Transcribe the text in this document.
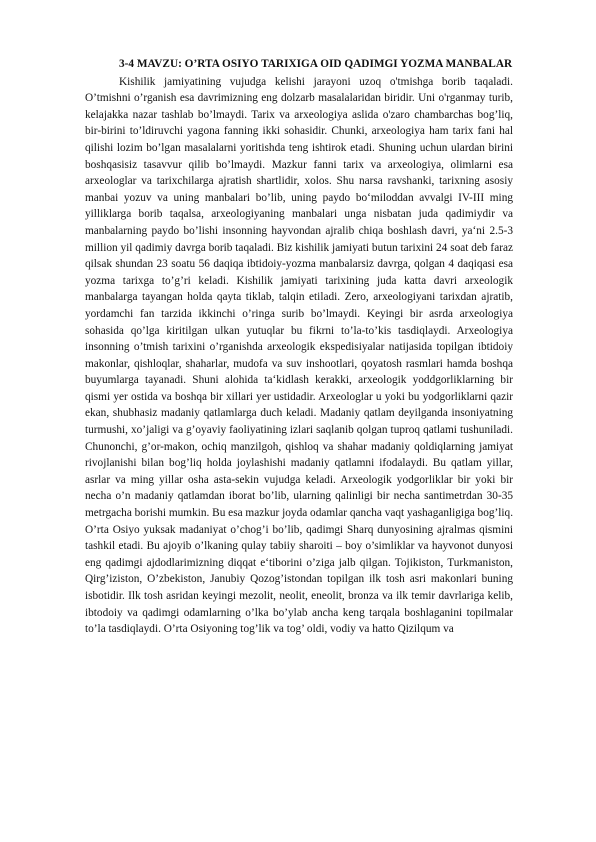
3-4 MAVZU: O’RTA OSIYO TARIXIGA OID QADIMGI YOZMA MANBALAR

Kishilik jamiyatining vujudga kelishi jarayoni uzoq o'tmishga borib taqaladi. O’tmishni o’rganish esa davrimizning eng dolzarb masalalaridan biridir. Uni o'rganmay turib, kelajakka nazar tashlab bo’lmaydi. Tarix va arxeologiya aslida o'zaro chambarchas bog’liq, bir-birini to’ldiruvchi yagona fanning ikki sohasidir. Chunki, arxeologiya ham tarix fani hal qilishi lozim bo’lgan masalalarni yoritishda teng ishtirok etadi. Shuning uchun ulardan birini boshqasisiz tasavvur qilib bo’lmaydi. Mazkur fanni tarix va arxeologiya, olimlarni esa arxeologlar va tarixchilarga ajratish shartlidir, xolos. Shu narsa ravshanki, tarixning asosiy manbai yozuv va uning manbalari bo’lib, uning paydo bo‘miloddan avvalgi IV-III ming yilliklarga borib taqalsa, arxeologiyaning manbalari unga nisbatan juda qadimiydir va manbalarning paydo bo’lishi insonning hayvondan ajralib chiqa boshlash davri, ya‘ni 2.5-3 million yil qadimiy davrga borib taqaladi. Biz kishilik jamiyati butun tarixini 24 soat deb faraz qilsak shundan 23 soatu 56 daqiqa ibtidoiy-yozma manbalarsiz davrga, qolgan 4 daqiqasi esa yozma tarixga to’g’ri keladi. Kishilik jamiyati tarixining juda katta davri arxeologik manbalarga tayangan holda qayta tiklab, talqin etiladi. Zero, arxeologiyani tarixdan ajratib, yordamchi fan tarzida ikkinchi o’ringa surib bo’lmaydi. Keyingi bir asrda arxeologiya sohasida qo’lga kiritilgan ulkan yutuqlar bu fikrni to’la-to’kis tasdiqlaydi. Arxeologiya insonning o’tmish tarixini o’rganishda arxeologik ekspedisiyalar natijasida topilgan ibtidoiy makonlar, qishloqlar, shaharlar, mudofa va suv inshootlari, qoyatosh rasmlari hamda boshqa buyumlarga tayanadi. Shuni alohida ta‘kidlash kerakki, arxeologik yoddgorliklarning bir qismi yer ostida va boshqa bir xillari yer ustidadir. Arxeologlar u yoki bu yodgorliklarni qazir ekan, shubhasiz madaniy qatlamlarga duch keladi. Madaniy qatlam deyilganda insoniyatning turmushi, xo’jaligi va g’oyaviy faoliyatining izlari saqlanib qolgan tuproq qatlami tushuniladi. Chunonchi, g’or-makon, ochiq manzilgoh, qishloq va shahar madaniy qoldiqlarning jamiyat rivojlanishi bilan bog’liq holda joylashishi madaniy qatlamni ifodalaydi. Bu qatlam yillar, asrlar va ming yillar osha asta-sekin vujudga keladi. Arxeologik yodgorliklar bir yoki bir necha o’n madaniy qatlamdan iborat bo’lib, ularning qalinligi bir necha santimetrdan 30-35 metrgacha borishi mumkin. Bu esa mazkur joyda odamlar qancha vaqt yashaganligiga bog’liq. O’rta Osiyo yuksak madaniyat o’chog’i bo’lib, qadimgi Sharq dunyosining ajralmas qismini tashkil etadi. Bu ajoyib o’lkaning qulay tabiiy sharoiti – boy o’simliklar va hayvonot dunyosi eng qadimgi ajdodlarimizning diqqat e‘tiborini o’ziga jalb qilgan. Tojikiston, Turkmaniston, Qirg’iziston, O’zbekiston, Janubiy Qozog’istondan topilgan ilk tosh asri makonlari buning isbotidir. Ilk tosh asridan keyingi mezolit, neolit, eneolit, bronza va ilk temir davrlariga kelib, ibtodoiy va qadimgi odamlarning o’lka bo’ylab ancha keng tarqala boshlaganini topilmalar to’la tasdiqlaydi. O’rta Osiyoning tog’lik va tog’ oldi, vodiy va hatto Qizilqum va
